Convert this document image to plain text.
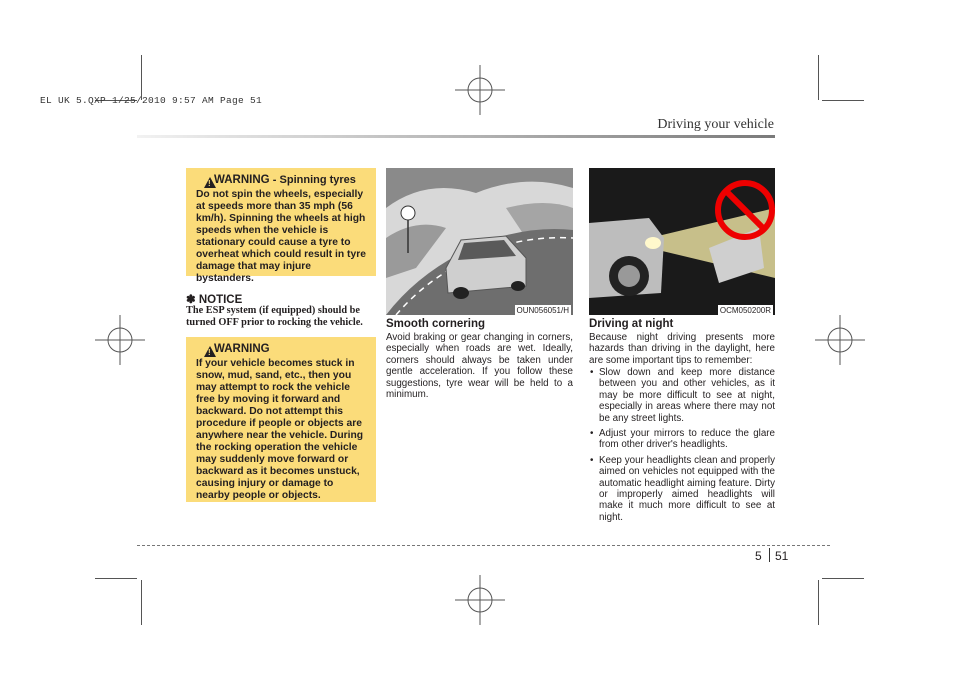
EL UK 5.QXP 1/25/2010 9:57 AM Page 51
Driving your vehicle
!
WARNING - Spinning tyres
Do not spin the wheels, especially at speeds more than 35 mph (56 km/h). Spinning the wheels at high speeds when the vehicle is stationary could cause a tyre to overheat which could result in tyre damage that may injure bystanders.
✽ NOTICE
The ESP system (if equipped) should be turned OFF prior to rocking the vehicle.
!
WARNING
If your vehicle becomes stuck in snow, mud, sand, etc., then you may attempt to rock the vehicle free by moving it forward and backward. Do not attempt this procedure if people or objects are anywhere near the vehicle. During the rocking operation the vehicle may suddenly move forward or backward as it becomes unstuck, causing injury or damage to nearby people or objects.
OUN056051/H	OCM050200R
Smooth cornering
Avoid braking or gear changing in corners, especially when roads are wet. Ideally, corners should always be taken under gentle acceleration. If you follow these suggestions, tyre wear will be held to a minimum.
Driving at night
Because night driving presents more hazards than driving in the daylight, here are some important tips to remember:
• Slow down and keep more distance between you and other vehicles, as it may be more difficult to see at night, especially in areas where there may not be any street lights.
• Adjust your mirrors to reduce the glare from other driver's headlights.
• Keep your headlights clean and properly aimed on vehicles not equipped with the automatic headlight aiming feature. Dirty or improperly aimed headlights will make it much more difficult to see at night.
5 51
